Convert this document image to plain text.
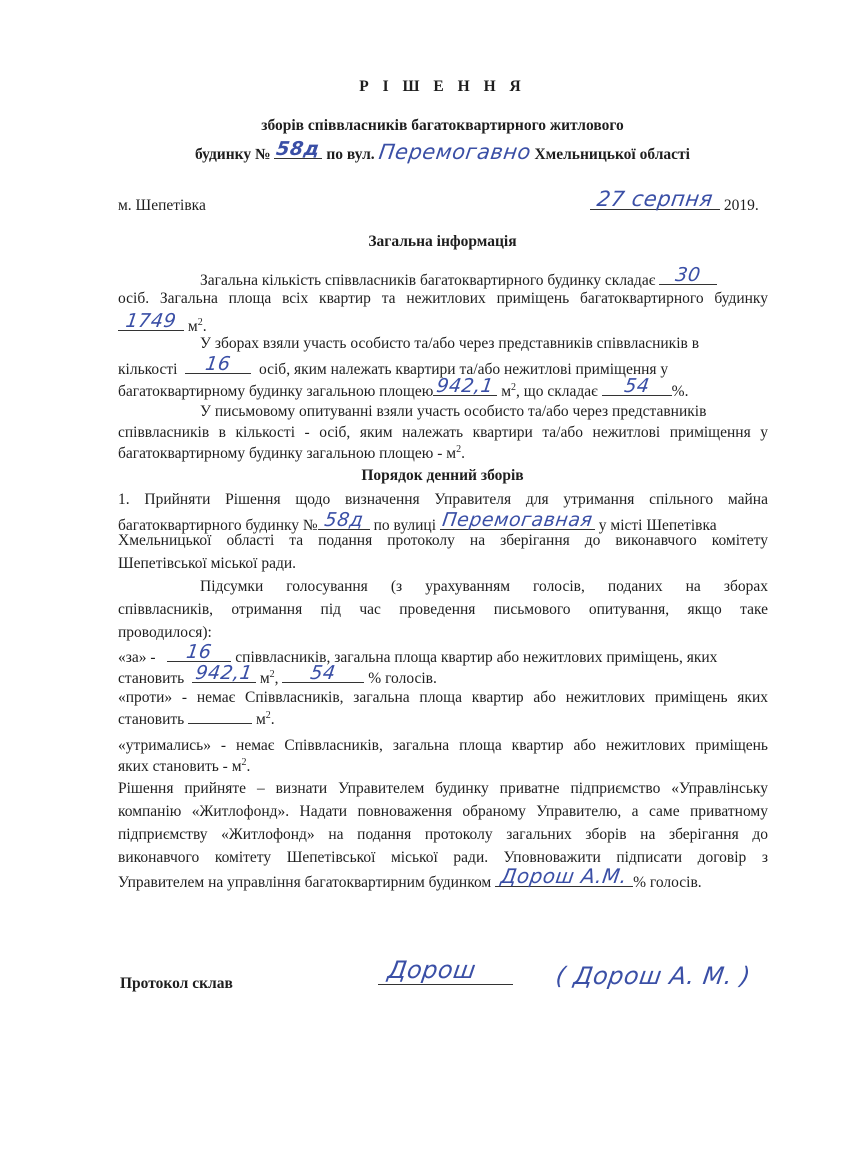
Р І Ш Е Н Н Я
зборів співвласників багатоквартирного житлового
будинку № 58д по вул. Перемогавно Хмельницької області
м. Шепетівка	27 серпня 2019.
Загальна інформація
Загальна кількість співвласників багатоквартирного будинку складає 30
осіб. Загальна площа всіх квартир та нежитлових приміщень багатоквартирного будинку
1749 $м^2$.
У зборах взяли участь особисто та/або через представників співвласників в
кількості	16	осіб, яким належать квартири та/або нежитлові приміщення у
багатоквартирному будинку загальною площею 942,1 $м^2$, що складає	54	%.
У письмовому опитуванні взяли участь особисто та/або через представників
співвласників в кількості - осіб, яким належать квартири та/або нежитлові приміщення у
багатоквартирному будинку загальною площею - $м^2$.
Порядок денний зборів
1. Прийняти Рішення щодо визначення Управителя для утримання спільного майна
багатоквартирного будинку № 58д по вулиці Перемогавная у місті Шепетівка
Хмельницької області та подання протоколу на зберігання до виконавчого комітету
Шепетівської міської ради.
Підсумки голосування (з урахуванням голосів, поданих на зборах
співвласників, отримання під час проведення письмового опитування, якщо таке
проводилося):
«за» -	16	співвласників, загальна площа квартир або нежитлових приміщень, яких
становить 942,1 $м^2$,	54	% голосів.
«проти» - немає Співвласників, загальна площа квартир або нежитлових приміщень яких
становить	$м^2$.
«утримались» - немає Співвласників, загальна площа квартир або нежитлових приміщень
яких становить - $м^2$.
Рішення прийняте – визнати Управителем будинку приватне підприємство «Управлінську
компанію «Житлофонд». Надати повноваження обраному Управителю, а саме приватному
підприємству «Житлофонд» на подання протоколу загальних зборів на зберігання до
виконавчого комітету Шепетівської міської ради. Уповноважити підписати договір з
Управителем на управління багатоквартирним будинком Дорош А.М. % голосів.
Протокол склав	Дорош	( Дорош А. М. )
